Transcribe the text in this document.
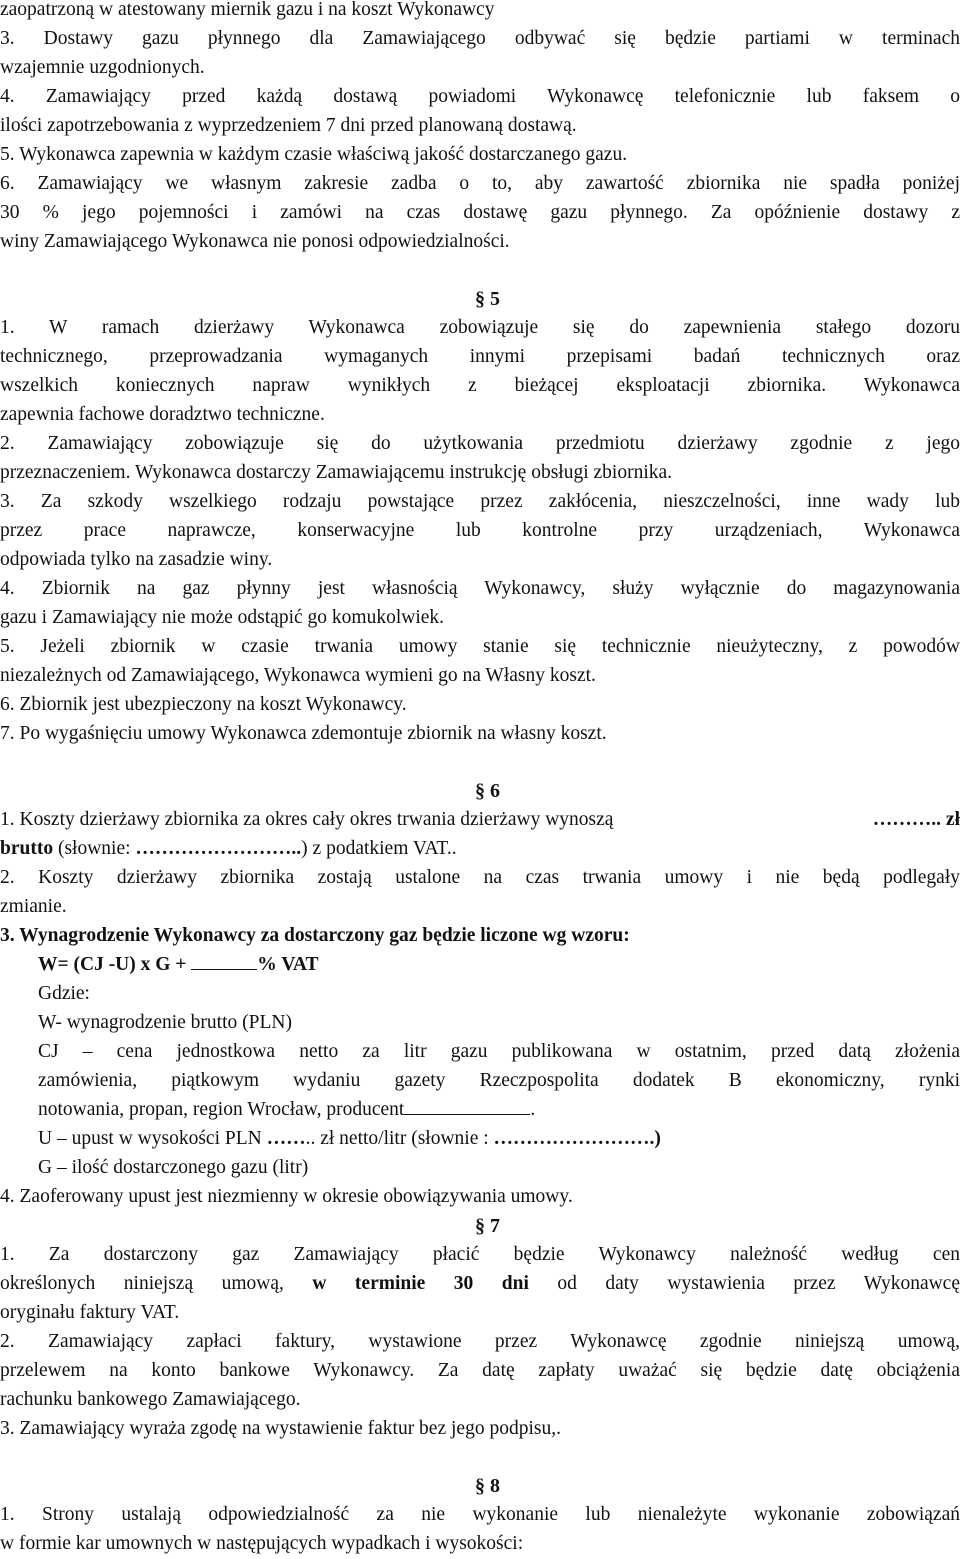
zaopatrzoną w atestowany miernik gazu i na koszt Wykonawcy
3. Dostawy gazu płynnego dla Zamawiającego odbywać się będzie partiami w terminach
wzajemnie uzgodnionych.
4. Zamawiający przed każdą dostawą powiadomi Wykonawcę telefonicznie lub faksem o
ilości zapotrzebowania z wyprzedzeniem 7 dni przed planowaną dostawą.
5. Wykonawca zapewnia w każdym czasie właściwą jakość dostarczanego gazu.
6. Zamawiający we własnym zakresie zadba o to, aby zawartość zbiornika nie spadła poniżej
30 % jego pojemności i zamówi na czas dostawę gazu płynnego. Za opóźnienie dostawy z
winy Zamawiającego Wykonawca nie ponosi odpowiedzialności.
§ 5
1. W ramach dzierżawy Wykonawca zobowiązuje się do zapewnienia stałego dozoru
technicznego, przeprowadzania wymaganych innymi przepisami badań technicznych oraz
wszelkich koniecznych napraw wynikłych z bieżącej eksploatacji zbiornika. Wykonawca
zapewnia fachowe doradztwo techniczne.
2. Zamawiający zobowiązuje się do użytkowania przedmiotu dzierżawy zgodnie z jego
przeznaczeniem. Wykonawca dostarczy Zamawiającemu instrukcję obsługi zbiornika.
3. Za szkody wszelkiego rodzaju powstające przez zakłócenia, nieszczelności, inne wady lub
przez prace naprawcze, konserwacyjne lub kontrolne przy urządzeniach, Wykonawca
odpowiada tylko na zasadzie winy.
4. Zbiornik na gaz płynny jest własnością Wykonawcy, służy wyłącznie do magazynowania
gazu i Zamawiający nie może odstąpić go komukolwiek.
5. Jeżeli zbiornik w czasie trwania umowy stanie się technicznie nieużyteczny, z powodów
niezależnych od Zamawiającego, Wykonawca wymieni go na Własny koszt.
6. Zbiornik jest ubezpieczony na koszt Wykonawcy.
7. Po wygaśnięciu umowy Wykonawca zdemontuje zbiornik na własny koszt.
§ 6
1. Koszty dzierżawy zbiornika za okres cały okres trwania dzierżawy wynoszą	……….. zł
brutto (słownie: ……………………..) z podatkiem VAT..
2. Koszty dzierżawy zbiornika zostają ustalone na czas trwania umowy i nie będą podlegały
zmianie.
3. Wynagrodzenie Wykonawcy za dostarczony gaz będzie liczone wg wzoru:
W= (CJ -U) x G +	% VAT
Gdzie:
W- wynagrodzenie brutto (PLN)
CJ – cena jednostkowa netto za litr gazu publikowana w ostatnim, przed datą złożenia
zamówienia, piątkowym wydaniu gazety Rzeczpospolita dodatek B ekonomiczny, rynki
notowania, propan, region Wrocław, producent	.
U – upust w wysokości PLN …….. zł netto/litr (słownie : …………………….)
G – ilość dostarczonego gazu (litr)
4. Zaoferowany upust jest niezmienny w okresie obowiązywania umowy.
§ 7
1. Za dostarczony gaz Zamawiający płacić będzie Wykonawcy należność według cen
określonych niniejszą umową, w terminie 30 dni od daty wystawienia przez Wykonawcę
oryginału faktury VAT.
2. Zamawiający zapłaci faktury, wystawione przez Wykonawcę zgodnie niniejszą umową,
przelewem na konto bankowe Wykonawcy. Za datę zapłaty uważać się będzie datę obciążenia
rachunku bankowego Zamawiającego.
3. Zamawiający wyraża zgodę na wystawienie faktur bez jego podpisu,.
§ 8
1. Strony ustalają odpowiedzialność za nie wykonanie lub nienależyte wykonanie zobowiązań
w formie kar umownych w następujących wypadkach i wysokości:
